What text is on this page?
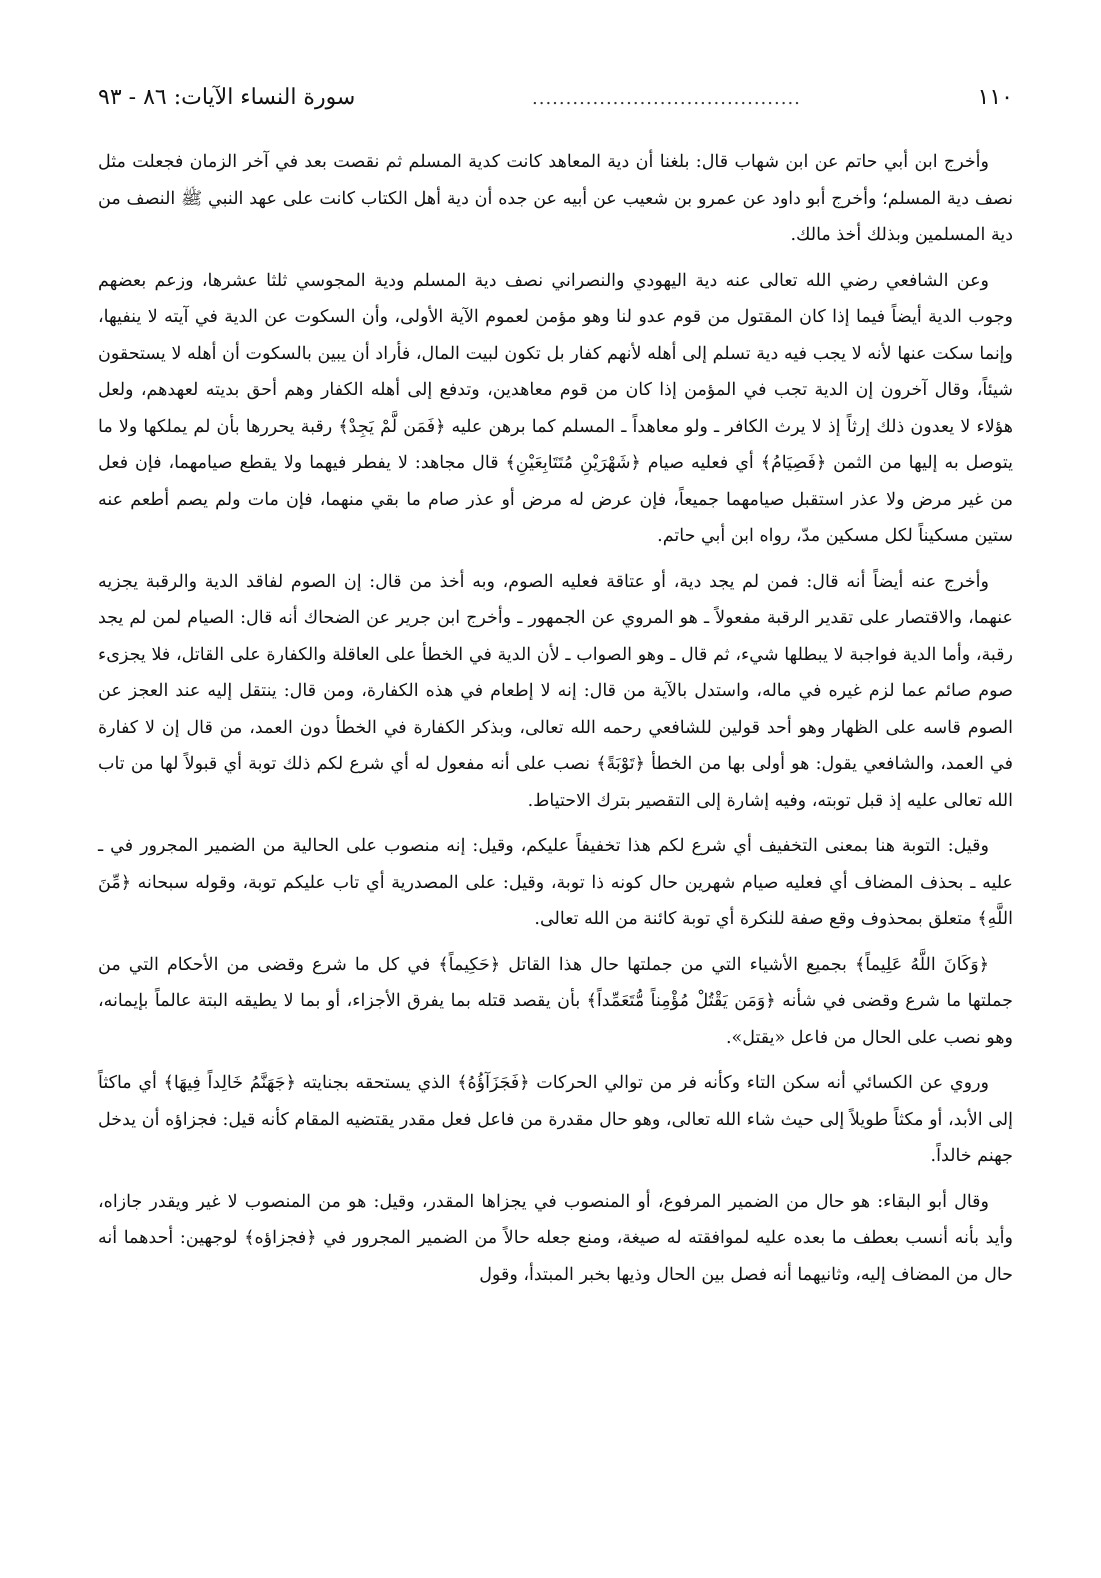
١١٠
........................................
سورة النساء الآيات: ٨٦ - ٩٣

وأخرج ابن أبي حاتم عن ابن شهاب قال: بلغنا أن دية المعاهد كانت كدية المسلم ثم نقصت بعد في آخر الزمان فجعلت مثل نصف دية المسلم؛ وأخرج أبو داود عن عمرو بن شعيب عن أبيه عن جده أن دية أهل الكتاب كانت على عهد النبي ﷺ النصف من دية المسلمين وبذلك أخذ مالك.

وعن الشافعي رضي الله تعالى عنه دية اليهودي والنصراني نصف دية المسلم ودية المجوسي ثلثا عشرها، وزعم بعضهم وجوب الدية أيضاً فيما إذا كان المقتول من قوم عدو لنا وهو مؤمن لعموم الآية الأولى، وأن السكوت عن الدية في آيته لا ينفيها، وإنما سكت عنها لأنه لا يجب فيه دية تسلم إلى أهله لأنهم كفار بل تكون لبيت المال، فأراد أن يبين بالسكوت أن أهله لا يستحقون شيئاً، وقال آخرون إن الدية تجب في المؤمن إذا كان من قوم معاهدين، وتدفع إلى أهله الكفار وهم أحق بديته لعهدهم، ولعل هؤلاء لا يعدون ذلك إرثاً إذ لا يرث الكافر ـ ولو معاهداً ـ المسلم كما برهن عليه ﴿فَمَن لَّمْ يَجِدْ﴾ رقبة يحررها بأن لم يملكها ولا ما يتوصل به إليها من الثمن ﴿فَصِيَامُ﴾ أي فعليه صيام ﴿شَهْرَيْنِ مُتَتَابِعَيْنِ﴾ قال مجاهد: لا يفطر فيهما ولا يقطع صيامهما، فإن فعل من غير مرض ولا عذر استقبل صيامهما جميعاً، فإن عرض له مرض أو عذر صام ما بقي منهما، فإن مات ولم يصم أطعم عنه ستين مسكيناً لكل مسكين مدّ، رواه ابن أبي حاتم.

وأخرج عنه أيضاً أنه قال: فمن لم يجد دية، أو عتاقة فعليه الصوم، وبه أخذ من قال: إن الصوم لفاقد الدية والرقبة يجزيه عنهما، والاقتصار على تقدير الرقبة مفعولاً ـ هو المروي عن الجمهور ـ وأخرج ابن جرير عن الضحاك أنه قال: الصيام لمن لم يجد رقبة، وأما الدية فواجبة لا يبطلها شيء، ثم قال ـ وهو الصواب ـ لأن الدية في الخطأ على العاقلة والكفارة على القاتل، فلا يجزىء صوم صائم عما لزم غيره في ماله، واستدل بالآية من قال: إنه لا إطعام في هذه الكفارة، ومن قال: ينتقل إليه عند العجز عن الصوم قاسه على الظهار وهو أحد قولين للشافعي رحمه الله تعالى، وبذكر الكفارة في الخطأ دون العمد، من قال إن لا كفارة في العمد، والشافعي يقول: هو أولى بها من الخطأ ﴿تَوْبَةً﴾ نصب على أنه مفعول له أي شرع لكم ذلك توبة أي قبولاً لها من تاب الله تعالى عليه إذ قبل توبته، وفيه إشارة إلى التقصير بترك الاحتياط.

وقيل: التوبة هنا بمعنى التخفيف أي شرع لكم هذا تخفيفاً عليكم، وقيل: إنه منصوب على الحالية من الضمير المجرور في ـ عليه ـ بحذف المضاف أي فعليه صيام شهرين حال كونه ذا توبة، وقيل: على المصدرية أي تاب عليكم توبة، وقوله سبحانه ﴿مِّنَ اللَّهِ﴾ متعلق بمحذوف وقع صفة للنكرة أي توبة كائنة من الله تعالى.

﴿وَكَانَ اللَّهُ عَلِيماً﴾ بجميع الأشياء التي من جملتها حال هذا القاتل ﴿حَكِيماً﴾ في كل ما شرع وقضى من الأحكام التي من جملتها ما شرع وقضى في شأنه ﴿وَمَن يَقْتُلْ مُؤْمِناً مُّتَعَمِّداً﴾ بأن يقصد قتله بما يفرق الأجزاء، أو بما لا يطيقه البتة عالماً بإيمانه، وهو نصب على الحال من فاعل «يقتل».

وروي عن الكسائي أنه سكن التاء وكأنه فر من توالي الحركات ﴿فَجَزَآؤُهُ﴾ الذي يستحقه بجنايته ﴿جَهَنَّمُ خَالِداً فِيهَا﴾ أي ماكثاً إلى الأبد، أو مكثاً طويلاً إلى حيث شاء الله تعالى، وهو حال مقدرة من فاعل فعل مقدر يقتضيه المقام كأنه قيل: فجزاؤه أن يدخل جهنم خالداً.

وقال أبو البقاء: هو حال من الضمير المرفوع، أو المنصوب في يجزاها المقدر، وقيل: هو من المنصوب لا غير ويقدر جازاه، وأيد بأنه أنسب بعطف ما بعده عليه لموافقته له صيغة، ومنع جعله حالاً من الضمير المجرور في ﴿فجزاؤه﴾ لوجهين: أحدهما أنه حال من المضاف إليه، وثانيهما أنه فصل بين الحال وذيها بخبر المبتدأ، وقول
